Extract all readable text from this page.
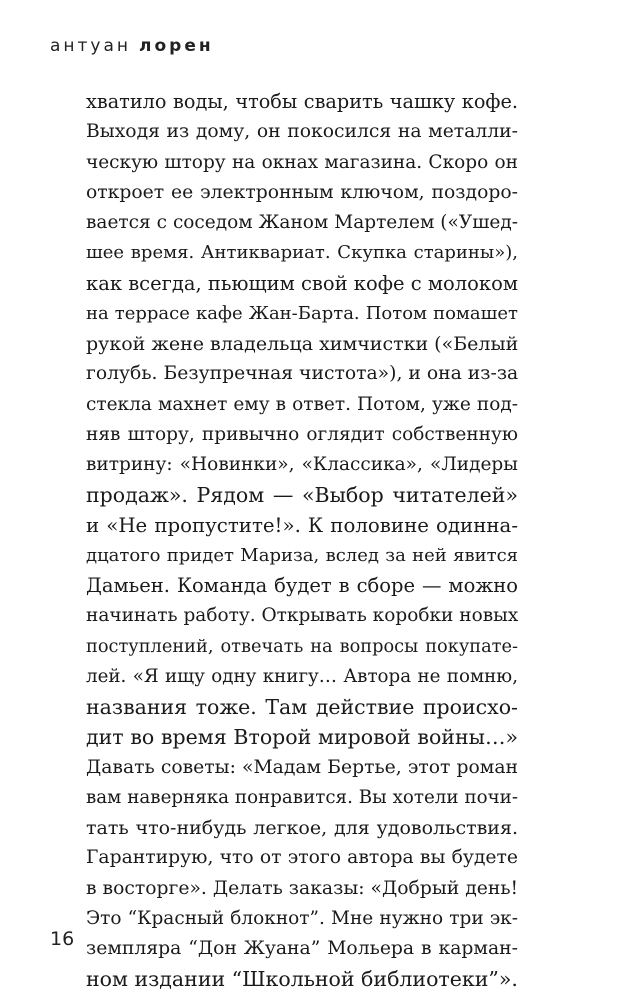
антуан лорен
хватило воды, чтобы сварить чашку кофе.
Выходя из дому, он покосился на металли-
ческую штору на окнах магазина. Скоро он
откроет ее электронным ключом, поздоро-
вается с соседом Жаном Мартелем («Ушед-
шее время. Антиквариат. Скупка старины»),
как всегда, пьющим свой кофе с молоком
на террасе кафе Жан-Барта. Потом помашет
рукой жене владельца химчистки («Белый
голубь. Безупречная чистота»), и она из-за
стекла махнет ему в ответ. Потом, уже под-
няв штору, привычно оглядит собственную
витрину: «Новинки», «Классика», «Лидеры
продаж». Рядом — «Выбор читателей»
и «Не пропустите!». К половине одинна-
дцатого придет Мариза, вслед за ней явится
Дамьен. Команда будет в сборе — можно
начинать работу. Открывать коробки новых
поступлений, отвечать на вопросы покупате-
лей. «Я ищу одну книгу… Автора не помню,
названия тоже. Там действие происхо-
дит во время Второй мировой войны…»
Давать советы: «Мадам Бертье, этот роман
вам наверняка понравится. Вы хотели почи-
тать что-нибудь легкое, для удовольствия.
Гарантирую, что от этого автора вы будете
в восторге». Делать заказы: «Добрый день!
Это “Красный блокнот”. Мне нужно три эк-
земпляра “Дон Жуана” Мольера в карман-
ном издании “Школьной библиотеки”».
16
